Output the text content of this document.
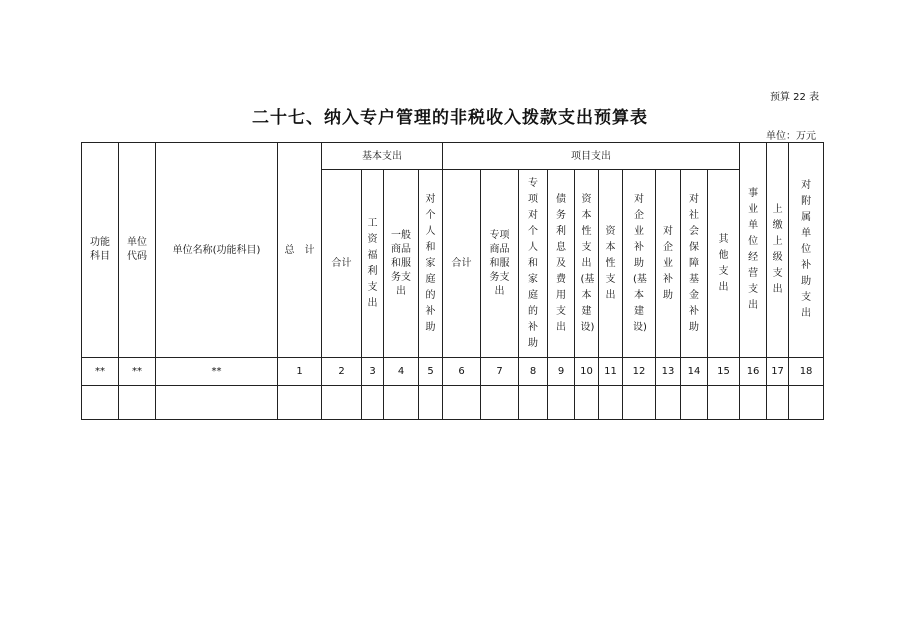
预算 22 表
二十七、纳入专户管理的非税收入拨款支出预算表
单位：万元
功能科目	单位代码	单位名称(功能科目)	总　计	基本支出				项目支出										事业单位经营支出	上缴上级支出	对附属单位补助支出
				合计	工资福利支出	一般商品和服务支出	对个人和家庭的补助	合计	专项商品和服务支出	专项对个人和家庭的补助	债务利息及费用支出	资本性支出(基本建设)	资本性支出	对企业补助(基本建设)	对企业补助	对社会保障基金补助	其他支出			
**	**	**	1	2	3	4	5	6	7	8	9	10	11	12	13	14	15	16	17	18
